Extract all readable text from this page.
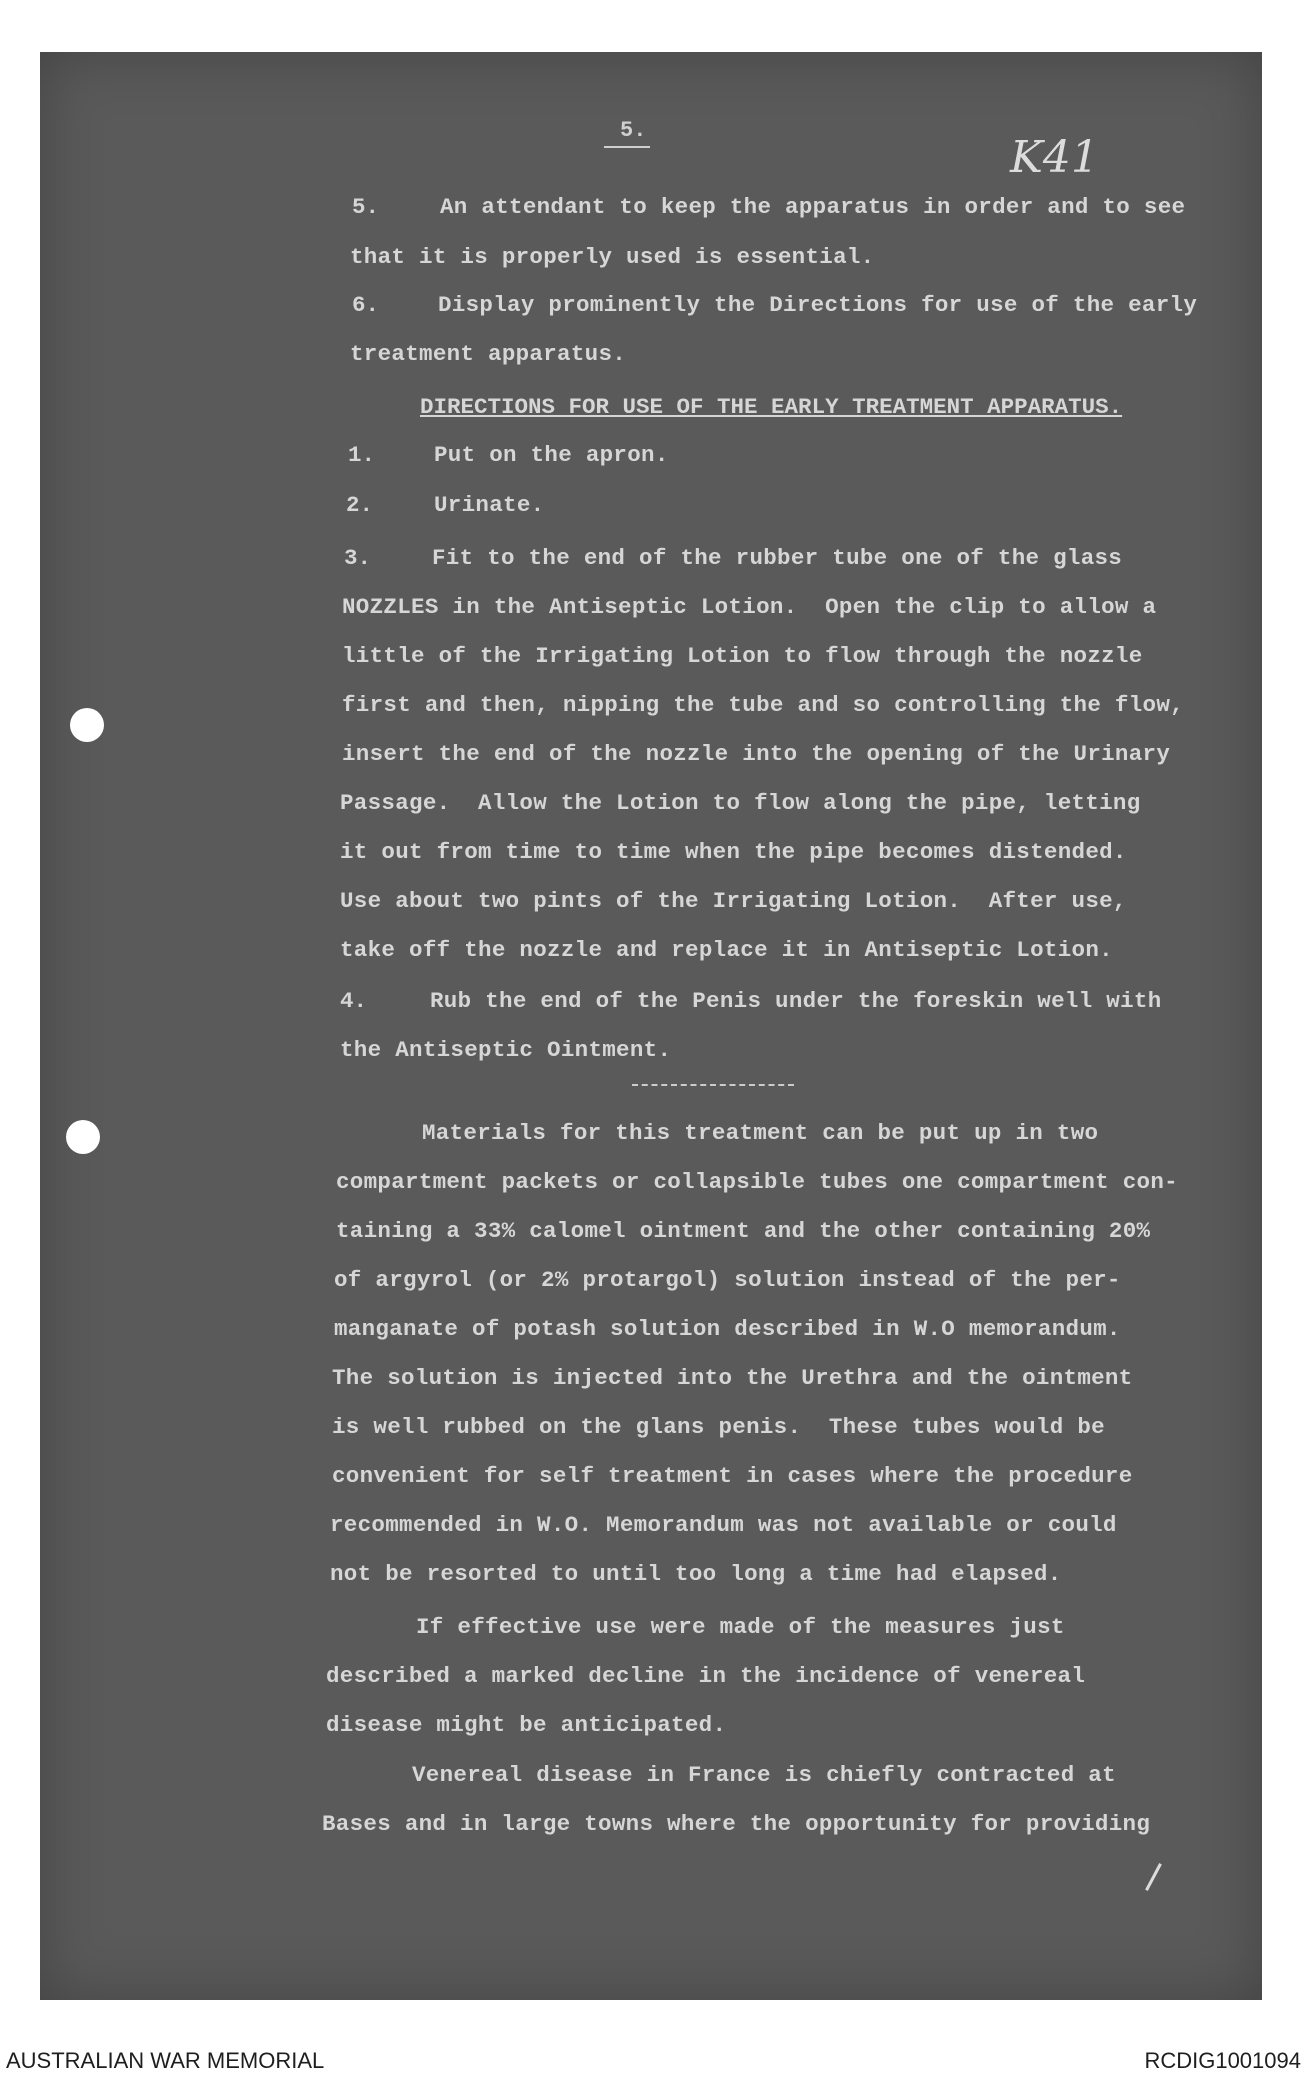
5.
K41
5.	An attendant to keep the apparatus in order and to see
that it is properly used is essential.
6.	Display prominently the Directions for use of the early
treatment apparatus.
DIRECTIONS FOR USE OF THE EARLY TREATMENT APPARATUS.
1.	Put on the apron.
2.	Urinate.
3.	Fit to the end of the rubber tube one of the glass
NOZZLES in the Antiseptic Lotion.  Open the clip to allow a
little of the Irrigating Lotion to flow through the nozzle
first and then, nipping the tube and so controlling the flow,
insert the end of the nozzle into the opening of the Urinary
Passage.  Allow the Lotion to flow along the pipe, letting
it out from time to time when the pipe becomes distended.
Use about two pints of the Irrigating Lotion.  After use,
take off the nozzle and replace it in Antiseptic Lotion.
4.	Rub the end of the Penis under the foreskin well with
the Antiseptic Ointment.
Materials for this treatment can be put up in two
compartment packets or collapsible tubes one compartment con-
taining a 33% calomel ointment and the other containing 20%
of argyrol (or 2% protargol) solution instead of the per-
manganate of potash solution described in W.O memorandum.
The solution is injected into the Urethra and the ointment
is well rubbed on the glans penis.  These tubes would be
convenient for self treatment in cases where the procedure
recommended in W.O. Memorandum was not available or could
not be resorted to until too long a time had elapsed.
If effective use were made of the measures just
described a marked decline in the incidence of venereal
disease might be anticipated.
Venereal disease in France is chiefly contracted at
Bases and in large towns where the opportunity for providing
AUSTRALIAN WAR MEMORIAL	RCDIG1001094
